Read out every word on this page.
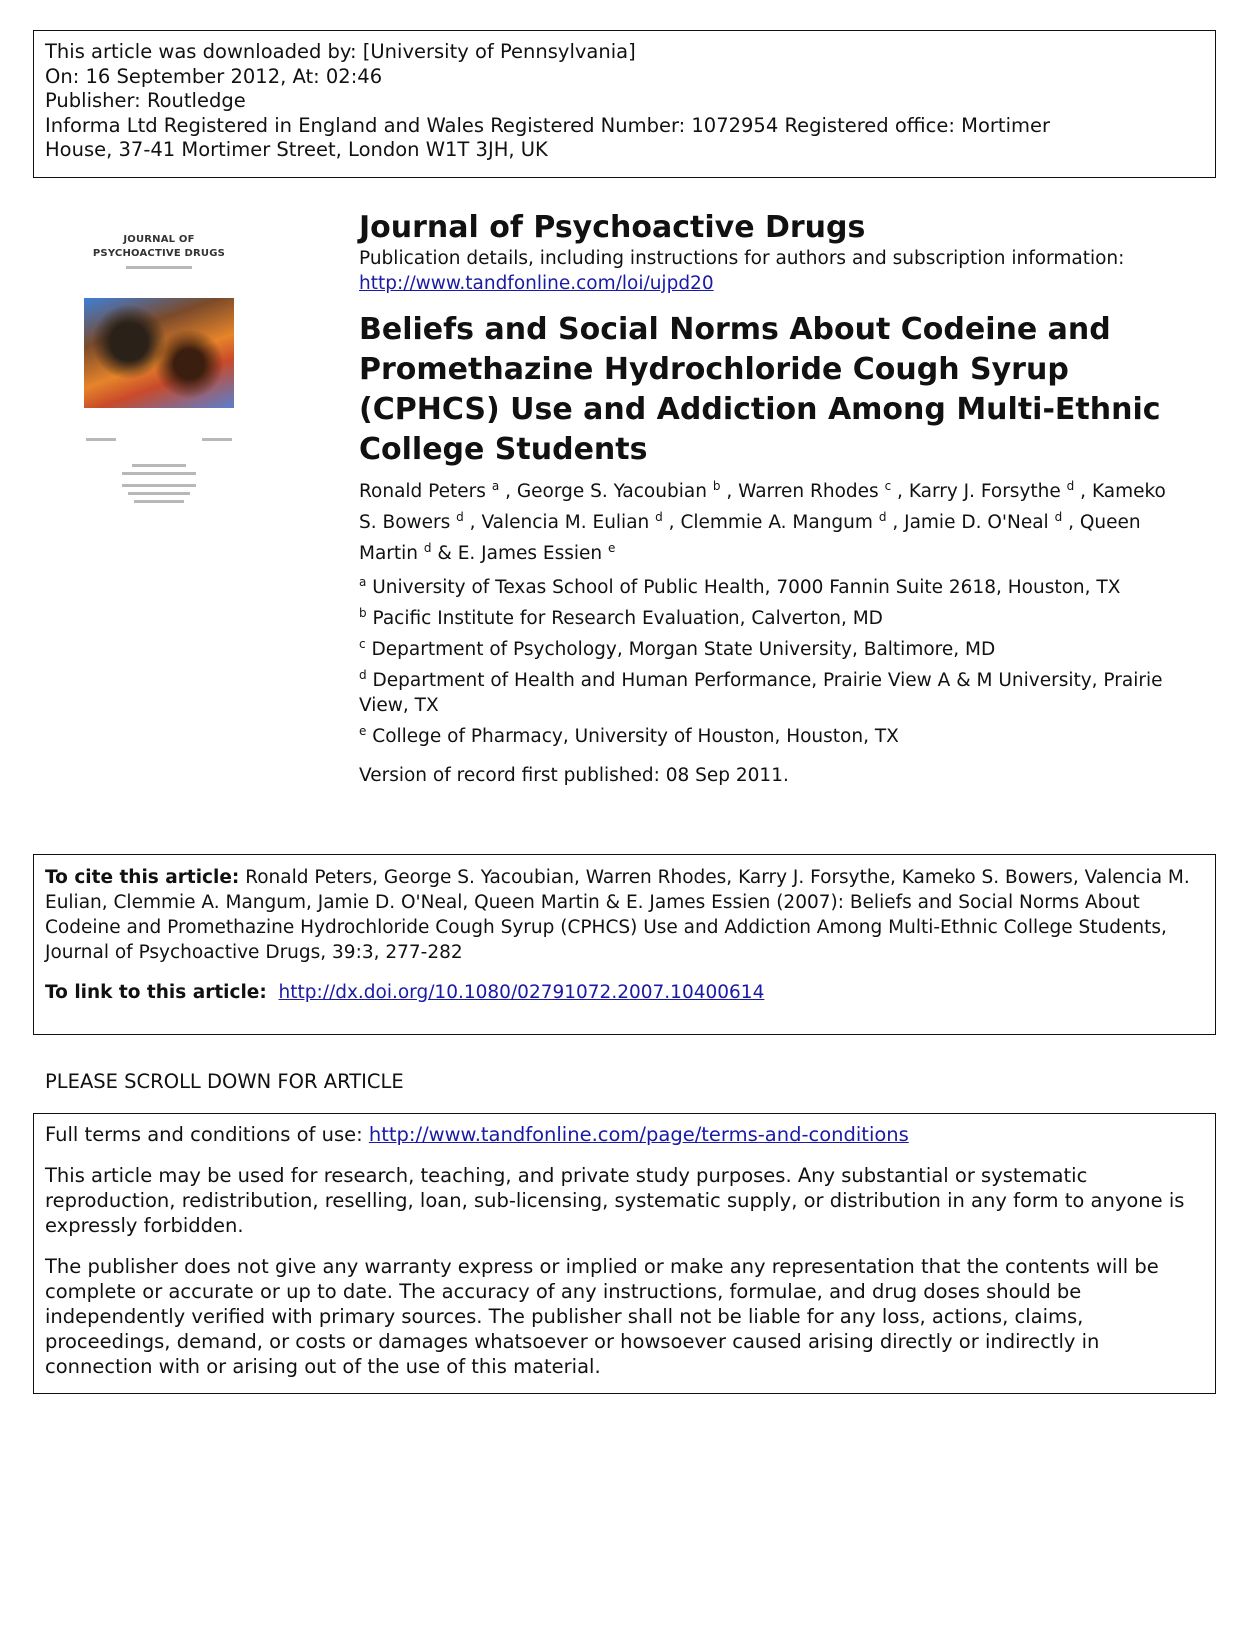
This article was downloaded by: [University of Pennsylvania]
On: 16 September 2012, At: 02:46
Publisher: Routledge
Informa Ltd Registered in England and Wales Registered Number: 1072954 Registered office: Mortimer
House, 37-41 Mortimer Street, London W1T 3JH, UK
JOURNAL OF
PSYCHOACTIVE DRUGS
Journal of Psychoactive Drugs
Publication details, including instructions for authors and subscription information:
http://www.tandfonline.com/loi/ujpd20
Beliefs and Social Norms About Codeine and Promethazine Hydrochloride Cough Syrup (CPHCS) Use and Addiction Among Multi-Ethnic College Students
Ronald Peters $^a$ , George S. Yacoubian $^b$ , Warren Rhodes $^c$ , Karry J. Forsythe $^d$ , Kameko S. Bowers $^d$ , Valencia M. Eulian $^d$ , Clemmie A. Mangum $^d$ , Jamie D. O'Neal $^d$ , Queen Martin $^d$ & E. James Essien $^e$
$^a$ University of Texas School of Public Health, 7000 Fannin Suite 2618, Houston, TX
$^b$ Pacific Institute for Research Evaluation, Calverton, MD
$^c$ Department of Psychology, Morgan State University, Baltimore, MD
$^d$ Department of Health and Human Performance, Prairie View A & M University, Prairie View, TX
$^e$ College of Pharmacy, University of Houston, Houston, TX
Version of record first published: 08 Sep 2011.
To cite this article: Ronald Peters, George S. Yacoubian, Warren Rhodes, Karry J. Forsythe, Kameko S. Bowers, Valencia M. Eulian, Clemmie A. Mangum, Jamie D. O'Neal, Queen Martin & E. James Essien (2007): Beliefs and Social Norms About Codeine and Promethazine Hydrochloride Cough Syrup (CPHCS) Use and Addiction Among Multi-Ethnic College Students, Journal of Psychoactive Drugs, 39:3, 277-282
To link to this article: http://dx.doi.org/10.1080/02791072.2007.10400614
PLEASE SCROLL DOWN FOR ARTICLE

Full terms and conditions of use: http://www.tandfonline.com/page/terms-and-conditions

This article may be used for research, teaching, and private study purposes. Any substantial or systematic reproduction, redistribution, reselling, loan, sub-licensing, systematic supply, or distribution in any form to anyone is expressly forbidden.

The publisher does not give any warranty express or implied or make any representation that the contents will be complete or accurate or up to date. The accuracy of any instructions, formulae, and drug doses should be independently verified with primary sources. The publisher shall not be liable for any loss, actions, claims, proceedings, demand, or costs or damages whatsoever or howsoever caused arising directly or indirectly in connection with or arising out of the use of this material.
